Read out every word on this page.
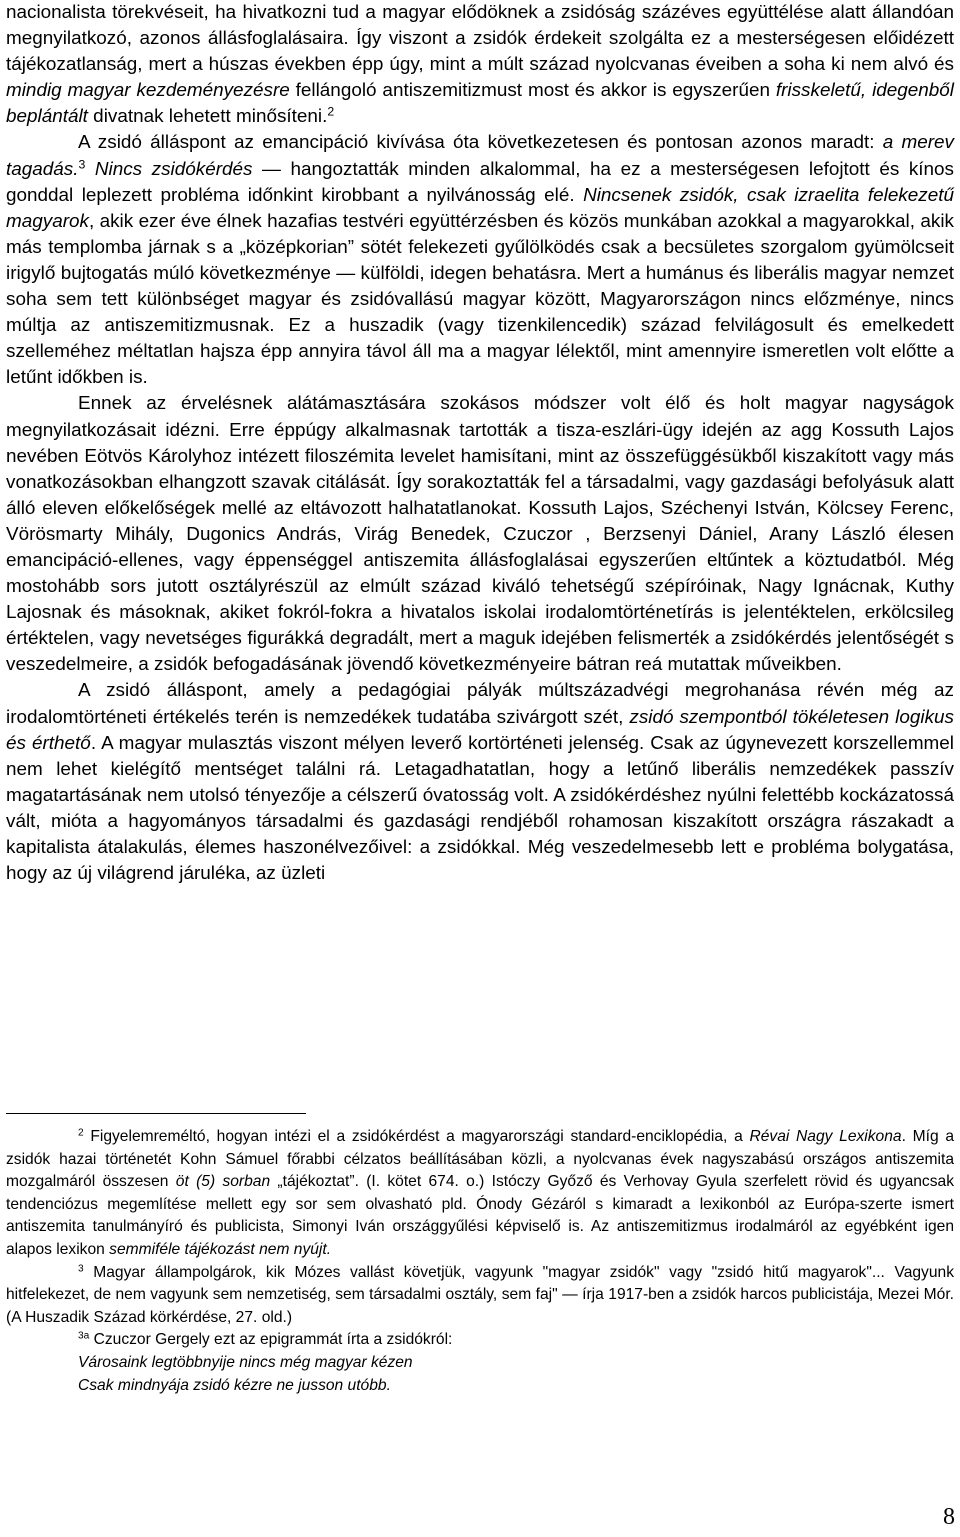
nacionalista törekvéseit, ha hivatkozni tud a magyar elődöknek a zsidóság százéves együttélése alatt állandóan megnyilatkozó, azonos állásfoglalásaira. Így viszont a zsidók érdekeit szolgálta ez a mesterségesen előidézett tájékozatlanság, mert a húszas években épp úgy, mint a múlt század nyolcvanas éveiben a soha ki nem alvó és mindig magyar kezdeményezésre fellángoló antiszemitizmust most és akkor is egyszerűen frisskeletű, idegenből beplántált divatnak lehetett minősíteni.$^2$

A zsidó álláspont az emancipáció kivívása óta következetesen és pontosan azonos maradt: a merev tagadás.$^3$ Nincs zsidókérdés — hangoztatták minden alkalommal, ha ez a mesterségesen lefojtott és kínos gonddal leplezett probléma időnkint kirobbant a nyilvánosság elé. Nincsenek zsidók, csak izraelita felekezetű magyarok, akik ezer éve élnek hazafias testvéri együttérzésben és közös munkában azokkal a magyarokkal, akik más templomba járnak s a „középkorian” sötét felekezeti gyűlölködés csak a becsületes szorgalom gyümölcseit irigylő bujtogatás múló következménye — külföldi, idegen behatásra. Mert a humánus és liberális magyar nemzet soha sem tett különbséget magyar és zsidóvallású magyar között, Magyarországon nincs előzménye, nincs múltja az antiszemitizmusnak. Ez a huszadik (vagy tizenkilencedik) század felvilágosult és emelkedett szelleméhez méltatlan hajsza épp annyira távol áll ma a magyar lélektől, mint amennyire ismeretlen volt előtte a letűnt időkben is.

Ennek az érvelésnek alátámasztására szokásos módszer volt élő és holt magyar nagyságok megnyilatkozásait idézni. Erre éppúgy alkalmasnak tartották a tisza-eszlári-ügy idején az agg Kossuth Lajos nevében Eötvös Károlyhoz intézett filoszémita levelet hamisítani, mint az összefüggésükből kiszakított vagy más vonatkozásokban elhangzott szavak citálását. Így sorakoztatták fel a társadalmi, vagy gazdasági befolyásuk alatt álló eleven előkelőségek mellé az eltávozott halhatatlanokat. Kossuth Lajos, Széchenyi István, Kölcsey Ferenc, Vörösmarty Mihály, Dugonics András, Virág Benedek, Czuczor , Berzsenyi Dániel, Arany László élesen emancipáció-ellenes, vagy éppenséggel antiszemita állásfoglalásai egyszerűen eltűntek a köztudatból. Még mostohább sors jutott osztályrészül az elmúlt század kiváló tehetségű szépíróinak, Nagy Ignácnak, Kuthy Lajosnak és másoknak, akiket fokról-fokra a hivatalos iskolai irodalomtörténetírás is jelentéktelen, erkölcsileg értéktelen, vagy nevetséges figurákká degradált, mert a maguk idejében felismerték a zsidókérdés jelentőségét s veszedelmeire, a zsidók befogadásának jövendő következményeire bátran reá mutattak műveikben.

A zsidó álláspont, amely a pedagógiai pályák múltszázadvégi megrohanása révén még az irodalomtörténeti értékelés terén is nemzedékek tudatába szivárgott szét, zsidó szempontból tökéletesen logikus és érthető. A magyar mulasztás viszont mélyen leverő kortörténeti jelenség. Csak az úgynevezett korszellemmel nem lehet kielégítő mentséget találni rá. Letagadhatatlan, hogy a letűnő liberális nemzedékek passzív magatartásának nem utolsó tényezője a célszerű óvatosság volt. A zsidókérdéshez nyúlni felettébb kockázatossá vált, mióta a hagyományos társadalmi és gazdasági rendjéből rohamosan kiszakított országra rászakadt a kapitalista átalakulás, élemes haszonélvezőivel: a zsidókkal. Még veszedelmesebb lett e probléma bolygatása, hogy az új világrend járuléka, az üzleti

$^2$ Figyelemreméltó, hogyan intézi el a zsidókérdést a magyarországi standard-enciklopédia, a Révai Nagy Lexikona. Míg a zsidók hazai történetét Kohn Sámuel főrabbi célzatos beállításában közli, a nyolcvanas évek nagyszabású országos antiszemita mozgalmáról összesen öt (5) sorban „tájékoztat”. (I. kötet 674. o.) Istóczy Győző és Verhovay Gyula szerfelett rövid és ugyancsak tendenciózus megemlítése mellett egy sor sem olvasható pld. Ónody Gézáról s kimaradt a lexikonból az Európa-szerte ismert antiszemita tanulmányíró és publicista, Simonyi Iván országgyűlési képviselő is. Az antiszemitizmus irodalmáról az egyébként igen alapos lexikon semmiféle tájékozást nem nyújt.

$^3$ Magyar állampolgárok, kik Mózes vallást követjük, vagyunk "magyar zsidók" vagy "zsidó hitű magyarok"... Vagyunk hitfelekezet, de nem vagyunk sem nemzetiség, sem társadalmi osztály, sem faj" — írja 1917-ben a zsidók harcos publicistája, Mezei Mór. (A Huszadik Század körkérdése, 27. old.)

$^{3a}$ Czuczor Gergely ezt az epigrammát írta a zsidókról:

Városaink legtöbbnyije nincs még magyar kézen

Csak mindnyája zsidó kézre ne jusson utóbb.

8
